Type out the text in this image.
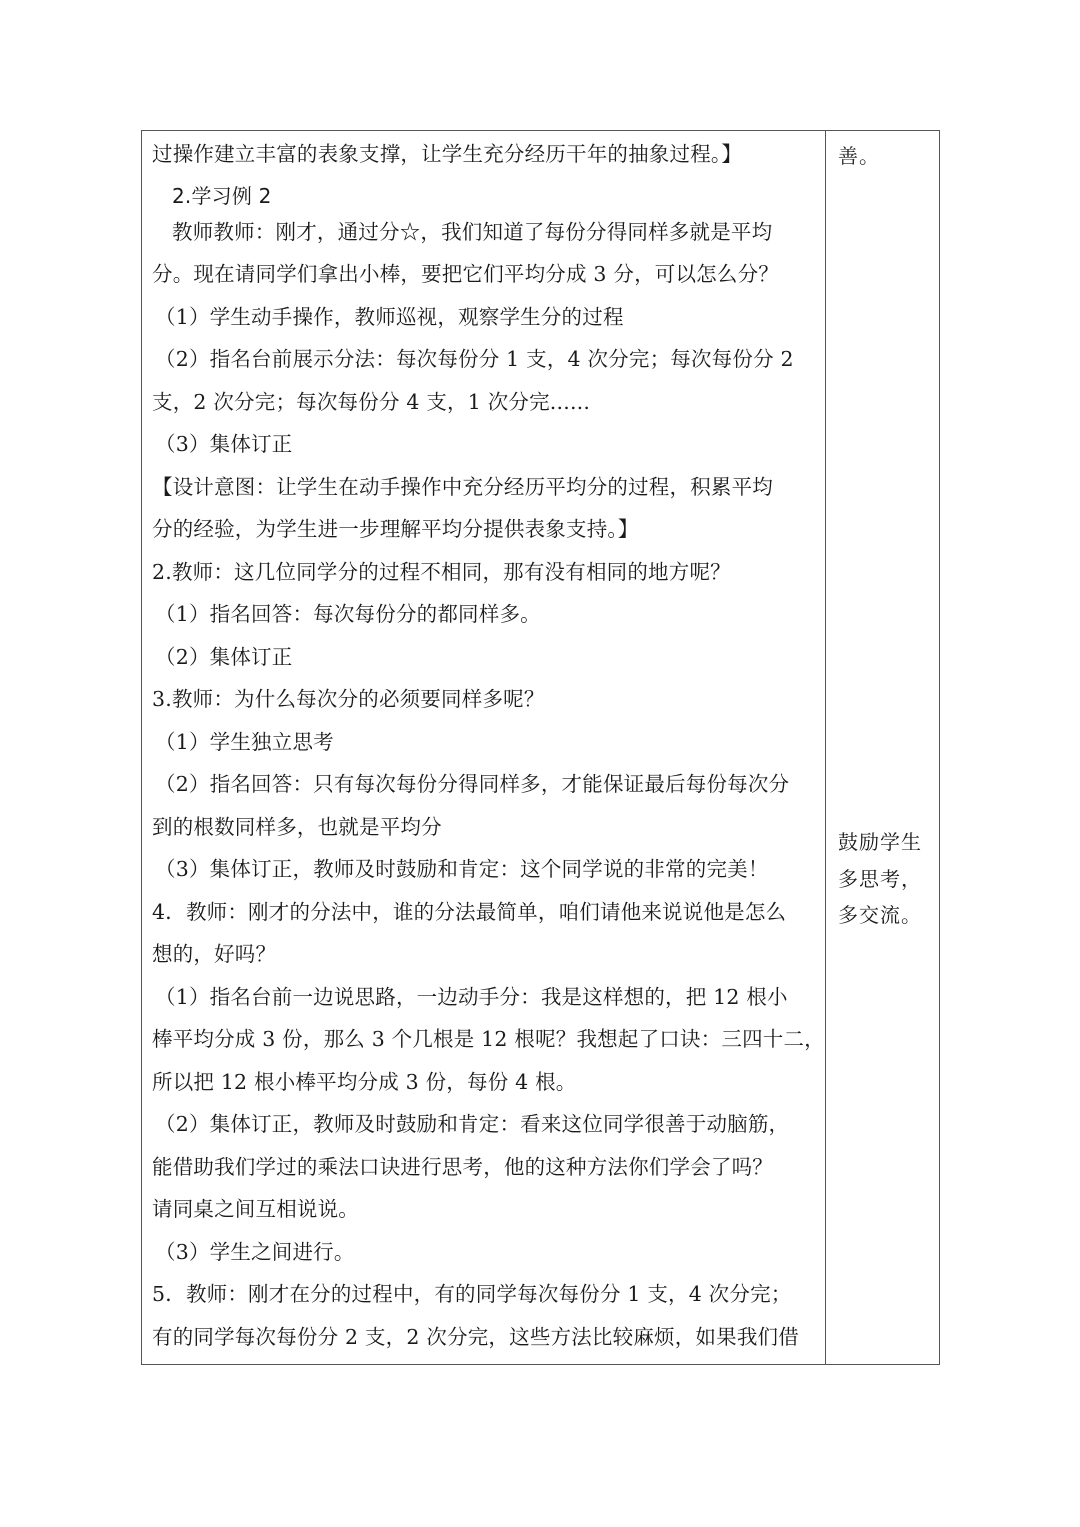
过操作建立丰富的表象支撑，让学生充分经历干年的抽象过程。】
2.学习例 2
教师教师：刚才，通过分☆，我们知道了每份分得同样多就是平均
分。现在请同学们拿出小棒，要把它们平均分成 3 分，可以怎么分？
（1）学生动手操作，教师巡视，观察学生分的过程
（2）指名台前展示分法：每次每份分 1 支，4 次分完；每次每份分 2
支，2 次分完；每次每份分 4 支，1 次分完......
（3）集体订正
【设计意图：让学生在动手操作中充分经历平均分的过程，积累平均
分的经验，为学生进一步理解平均分提供表象支持。】
2.教师：这几位同学分的过程不相同，那有没有相同的地方呢？
（1）指名回答：每次每份分的都同样多。
（2）集体订正
3.教师：为什么每次分的必须要同样多呢？
（1）学生独立思考
（2）指名回答：只有每次每份分得同样多，才能保证最后每份每次分
到的根数同样多，也就是平均分
（3）集体订正，教师及时鼓励和肯定：这个同学说的非常的完美！
4．教师：刚才的分法中，谁的分法最简单，咱们请他来说说他是怎么
想的，好吗？
（1）指名台前一边说思路，一边动手分：我是这样想的，把 12 根小
棒平均分成 3 份，那么 3 个几根是 12 根呢？我想起了口诀：三四十二，
所以把 12 根小棒平均分成 3 份，每份 4 根。
（2）集体订正，教师及时鼓励和肯定：看来这位同学很善于动脑筋，
能借助我们学过的乘法口诀进行思考，他的这种方法你们学会了吗？
请同桌之间互相说说。
（3）学生之间进行。
5．教师：刚才在分的过程中，有的同学每次每份分 1 支，4 次分完；
有的同学每次每份分 2 支，2 次分完，这些方法比较麻烦，如果我们借
善。
鼓励学生
多思考，
多交流。
